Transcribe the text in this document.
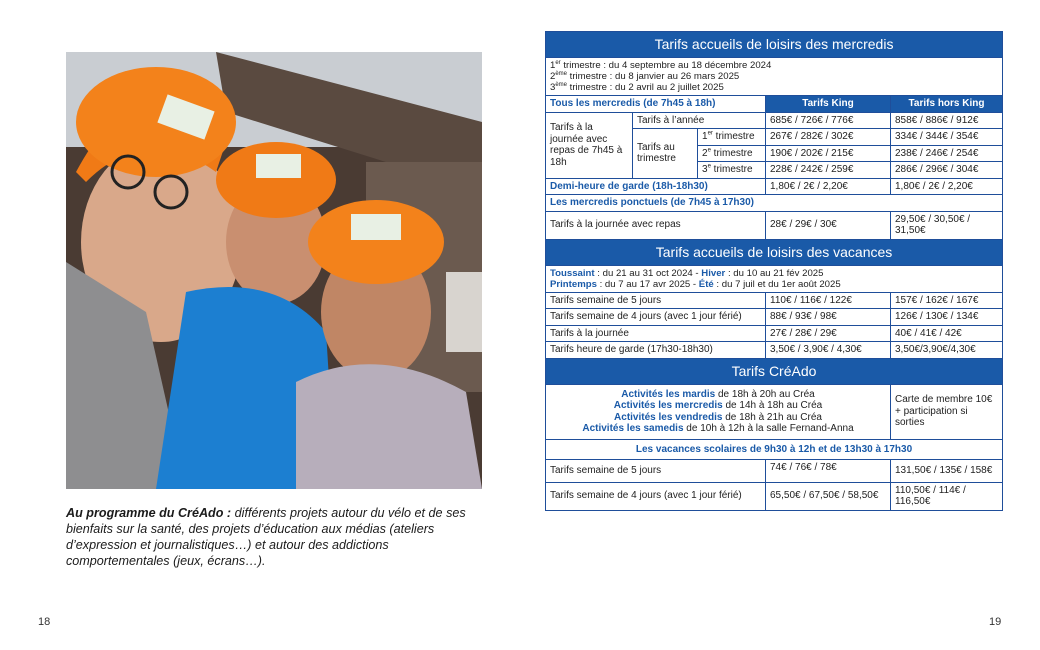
Au programme du CréAdo : différents projets autour du vélo et de ses bienfaits sur la santé, des projets d’éducation aux médias (ateliers d’expression et journalistiques…) et autour des addictions comportementales (jeux, écrans…).
18	19
Tarifs accueils de loisirs des mercredis				

1er trimestre : du 4 septembre au 18 décembre 2024
2ème trimestre : du 8 janvier au 26 mars 2025
3ème trimestre : du 2 avril au 2 juillet 2025				

Tous les mercredis (de 7h45 à 18h)			Tarifs King	Tarifs hors King
Tarifs à la journée avec repas de 7h45 à 18h	Tarifs à l’année		685€ / 726€ / 776€	858€ / 886€ / 912€
	Tarifs au trimestre	1er trimestre	267€ / 282€ / 302€	334€ / 344€ / 354€
		2e trimestre	190€ / 202€ / 215€	238€ / 246€ / 254€
		3e trimestre	228€ / 242€ / 259€	286€ / 296€ / 304€
Demi-heure de garde (18h-18h30)			1,80€ / 2€ / 2,20€	1,80€ / 2€ / 2,20€
Les mercredis ponctuels (de 7h45 à 17h30)				
Tarifs à la journée avec repas			28€ / 29€ / 30€	29,50€ / 30,50€ / 31,50€
Tarifs accueils de loisirs des vacances				

Toussaint : du 21 au 31 oct 2024 - Hiver : du 10 au 21 fév 2025
Printemps : du 7 au 17 avr 2025 - Été : du 7 juil et du 1er août 2025				

Tarifs semaine de 5 jours			110€ / 116€ / 122€	157€ / 162€ / 167€
Tarifs semaine de 4 jours (avec 1 jour férié)			88€ / 93€ / 98€	126€ / 130€ / 134€
Tarifs à la journée			27€ / 28€ / 29€	40€ / 41€ / 42€
Tarifs heure de garde (17h30-18h30)			3,50€ / 3,90€ / 4,30€	3,50€/3,90€/4,30€
Tarifs CréAdo				

Activités les mardis de 18h à 20h au Créa
Activités les mercredis de 14h à 18h au Créa
Activités les vendredis de 18h à 21h au Créa
Activités les samedis de 10h à 12h à la salle Fernand-Anna				Carte de membre 10€ + participation si sorties
Les vacances scolaires de 9h30 à 12h et de 13h30 à 17h30				
Tarifs semaine de 5 jours			74€ / 76€ / 78€	131,50€ / 135€ / 158€
Tarifs semaine de 4 jours (avec 1 jour férié)			65,50€ / 67,50€ / 58,50€	110,50€ / 114€ / 116,50€
